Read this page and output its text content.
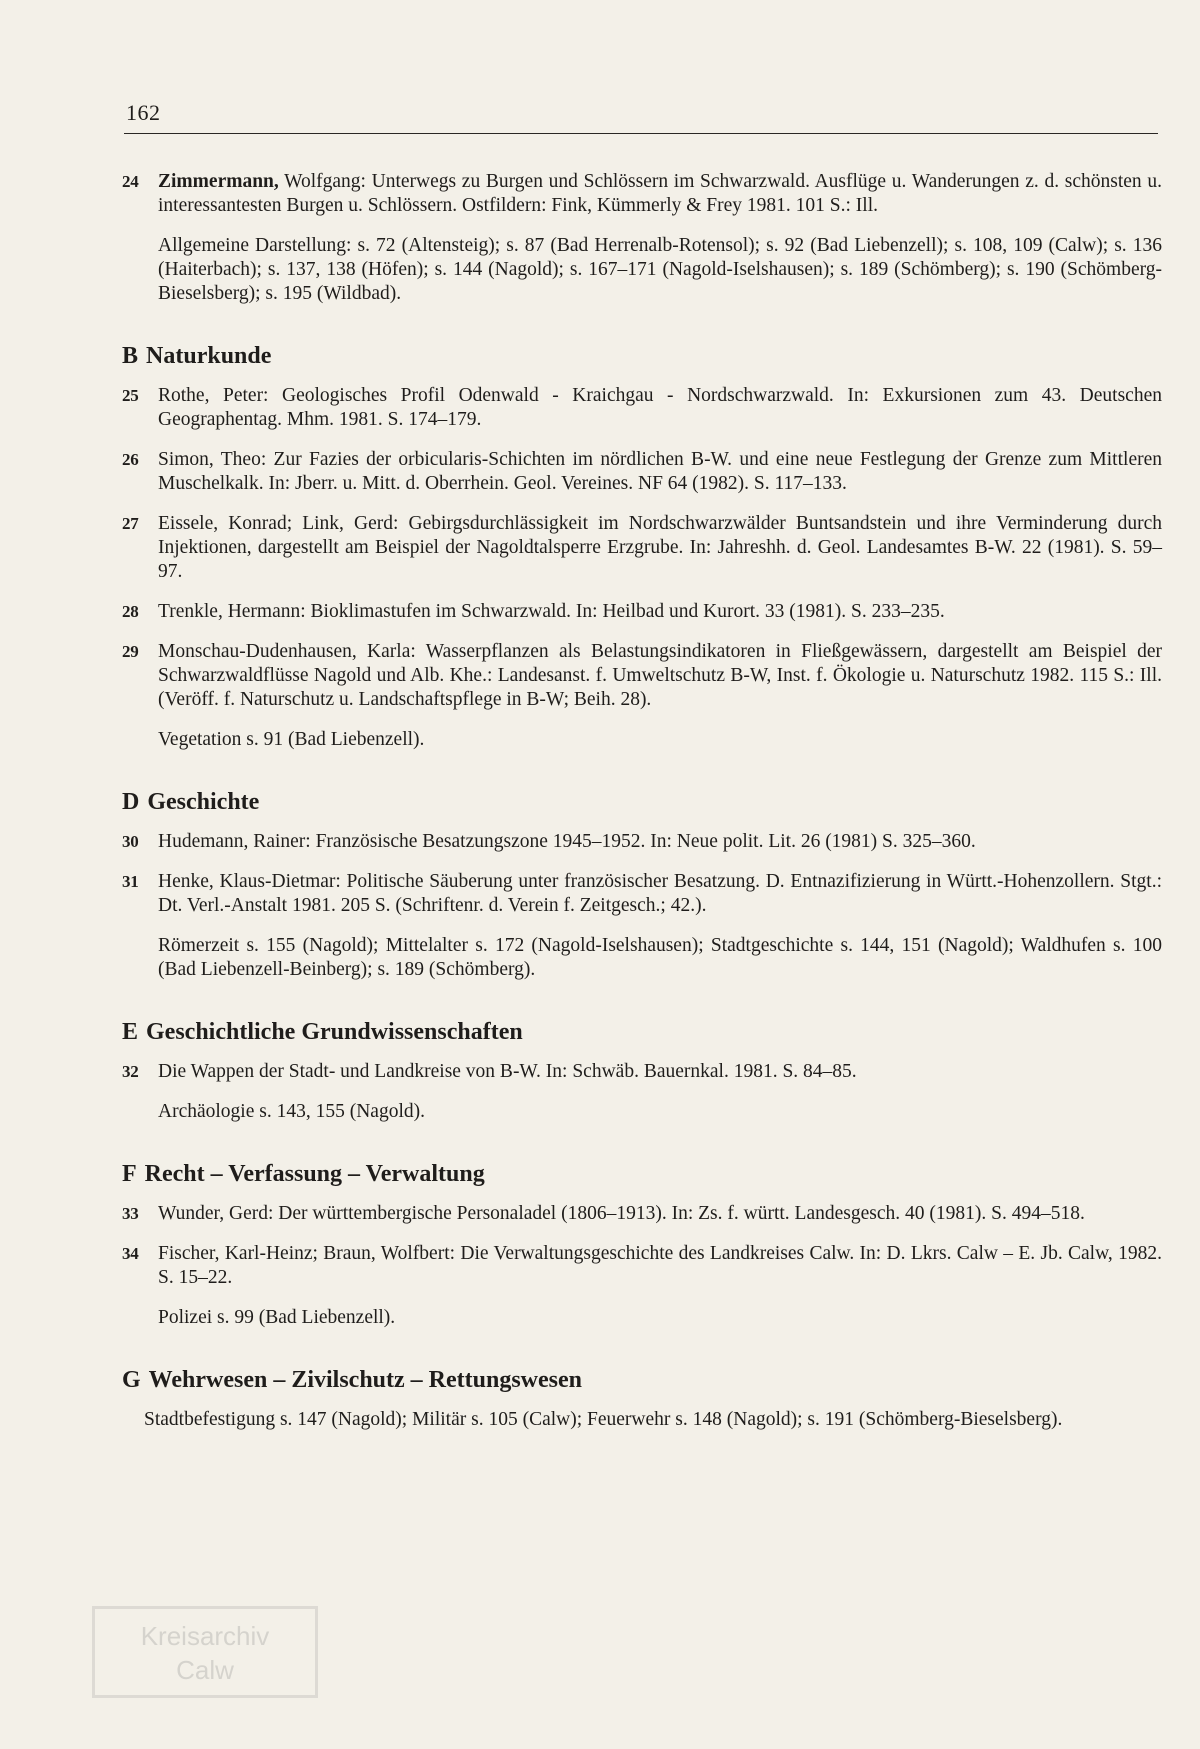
162
24 Zimmermann, Wolfgang: Unterwegs zu Burgen und Schlössern im Schwarzwald. Ausflüge u. Wanderungen z. d. schönsten u. interessantesten Burgen u. Schlössern. Ostfildern: Fink, Kümmerly & Frey 1981. 101 S.: Ill.
Allgemeine Darstellung: s. 72 (Altensteig); s. 87 (Bad Herrenalb-Rotensol); s. 92 (Bad Liebenzell); s. 108, 109 (Calw); s. 136 (Haiterbach); s. 137, 138 (Höfen); s. 144 (Nagold); s. 167–171 (Nagold-Iselshausen); s. 189 (Schömberg); s. 190 (Schömberg-Bieselsberg); s. 195 (Wildbad).
B Naturkunde
25 Rothe, Peter: Geologisches Profil Odenwald - Kraichgau - Nordschwarzwald. In: Exkursionen zum 43. Deutschen Geographentag. Mhm. 1981. S. 174–179.
26 Simon, Theo: Zur Fazies der orbicularis-Schichten im nördlichen B-W. und eine neue Festlegung der Grenze zum Mittleren Muschelkalk. In: Jberr. u. Mitt. d. Oberrhein. Geol. Vereines. NF 64 (1982). S. 117–133.
27 Eissele, Konrad; Link, Gerd: Gebirgsdurchlässigkeit im Nordschwarzwälder Buntsandstein und ihre Verminderung durch Injektionen, dargestellt am Beispiel der Nagoldtalsperre Erzgrube. In: Jahreshh. d. Geol. Landesamtes B-W. 22 (1981). S. 59–97.
28 Trenkle, Hermann: Bioklimastufen im Schwarzwald. In: Heilbad und Kurort. 33 (1981). S. 233–235.
29 Monschau-Dudenhausen, Karla: Wasserpflanzen als Belastungsindikatoren in Fließgewässern, dargestellt am Beispiel der Schwarzwaldflüsse Nagold und Alb. Khe.: Landesanst. f. Umweltschutz B-W, Inst. f. Ökologie u. Naturschutz 1982. 115 S.: Ill. (Veröff. f. Naturschutz u. Landschaftspflege in B-W; Beih. 28).
Vegetation s. 91 (Bad Liebenzell).
D Geschichte
30 Hudemann, Rainer: Französische Besatzungszone 1945–1952. In: Neue polit. Lit. 26 (1981) S. 325–360.
31 Henke, Klaus-Dietmar: Politische Säuberung unter französischer Besatzung. D. Entnazifizierung in Württ.-Hohenzollern. Stgt.: Dt. Verl.-Anstalt 1981. 205 S. (Schriftenr. d. Verein f. Zeitgesch.; 42.).
Römerzeit s. 155 (Nagold); Mittelalter s. 172 (Nagold-Iselshausen); Stadtgeschichte s. 144, 151 (Nagold); Waldhufen s. 100 (Bad Liebenzell-Beinberg); s. 189 (Schömberg).
E Geschichtliche Grundwissenschaften
32 Die Wappen der Stadt- und Landkreise von B-W. In: Schwäb. Bauernkal. 1981. S. 84–85.
Archäologie s. 143, 155 (Nagold).
F Recht – Verfassung – Verwaltung
33 Wunder, Gerd: Der württembergische Personaladel (1806–1913). In: Zs. f. württ. Landesgesch. 40 (1981). S. 494–518.
34 Fischer, Karl-Heinz; Braun, Wolfbert: Die Verwaltungsgeschichte des Landkreises Calw. In: D. Lkrs. Calw – E. Jb. Calw, 1982. S. 15–22.
Polizei s. 99 (Bad Liebenzell).
G Wehrwesen – Zivilschutz – Rettungswesen
Stadtbefestigung s. 147 (Nagold); Militär s. 105 (Calw); Feuerwehr s. 148 (Nagold); s. 191 (Schömberg-Bieselsberg).
Kreisarchiv
Calw
